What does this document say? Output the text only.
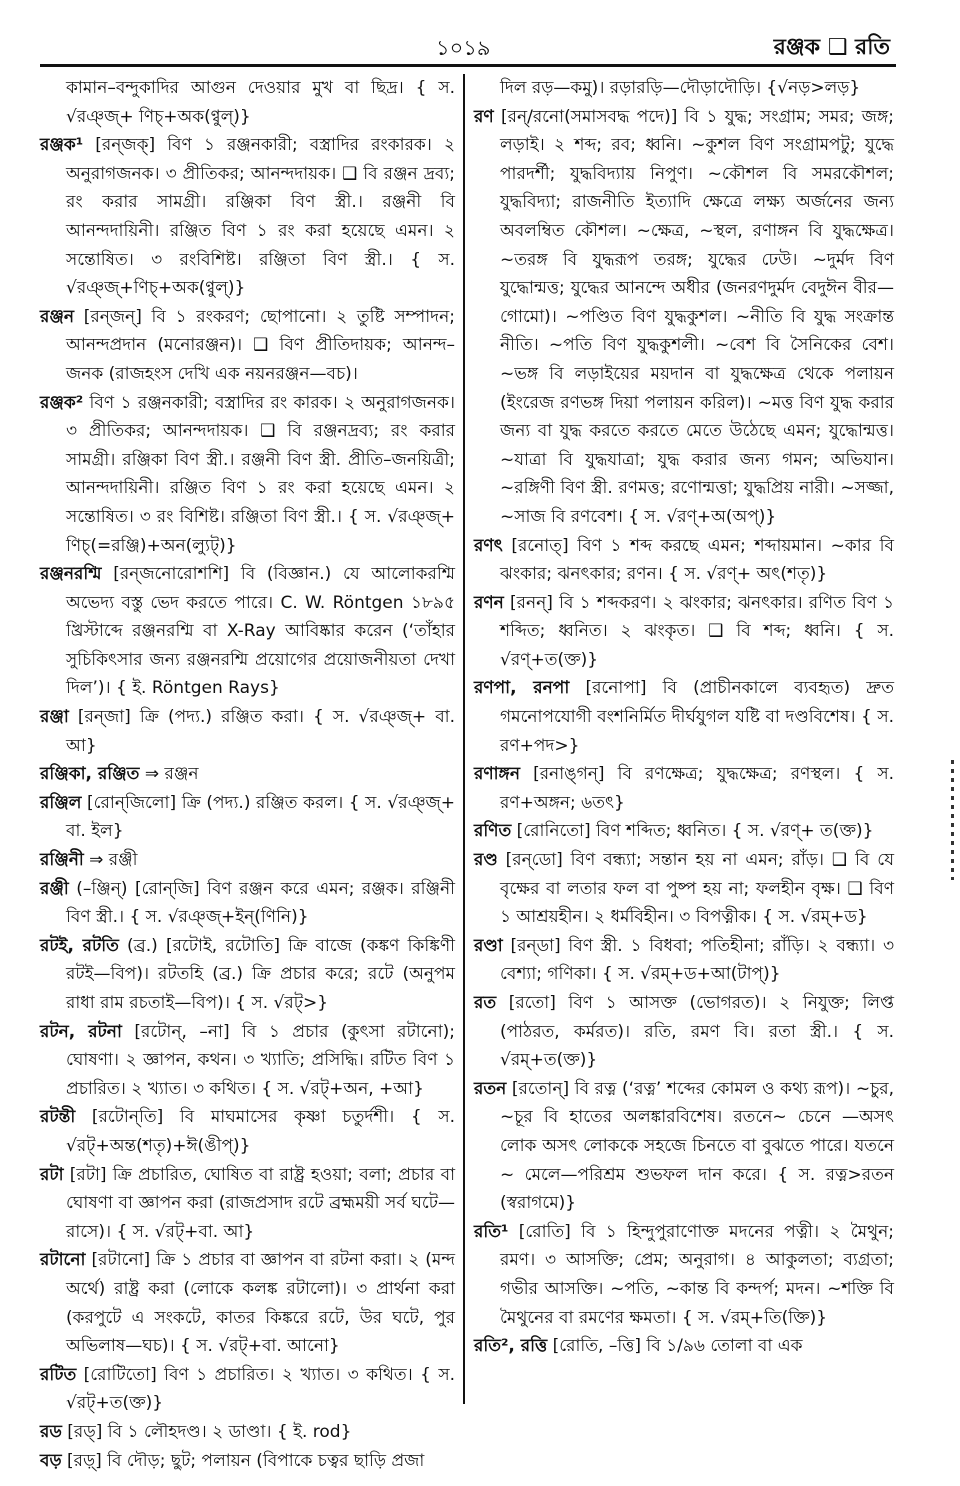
১০১৯	রঞ্জক ❑ রতি

কামান–বন্দুকাদির আগুন দেওয়ার মুখ বা ছিদ্র। { স. √রঞ্জ্‌+ ণিচ্‌+অক(ণ্বুল্‌)}

রঞ্জক¹ [রন্‌জক্‌] বিণ ১ রঞ্জনকারী; বস্ত্রাদির রংকারক। ২ অনুরাগজনক। ৩ প্রীতিকর; আনন্দদায়ক। ❑ বি রঞ্জন দ্রব্য; রং করার সামগ্রী। রঞ্জিকা বিণ স্ত্রী.। রঞ্জনী বি আনন্দদায়িনী। রঞ্জিত বিণ ১ রং করা হয়েছে এমন। ২ সন্তোষিত। ৩ রংবিশিষ্ট। রঞ্জিতা বিণ স্ত্রী.। { স. √রঞ্জ্‌+ণিচ্‌+অক(ণ্বুল্‌)}

রঞ্জন [রন্‌জন্‌] বি ১ রংকরণ; ছোপানো। ২ তুষ্টি সম্পাদন; আনন্দপ্রদান (মনোরঞ্জন)। ❑ বিণ প্রীতিদায়ক; আনন্দ–জনক (রাজহংস দেখি এক নয়নরঞ্জন—বচ)।

রঞ্জক² বিণ ১ রঞ্জনকারী; বস্ত্রাদির রং কারক। ২ অনুরাগজনক। ৩ প্রীতিকর; আনন্দদায়ক। ❑ বি রঞ্জনদ্রব্য; রং করার সামগ্রী। রঞ্জিকা বিণ স্ত্রী.। রঞ্জনী বিণ স্ত্রী. প্রীতি–জনয়িত্রী; আনন্দদায়িনী। রঞ্জিত বিণ ১ রং করা হয়েছে এমন। ২ সন্তোষিত। ৩ রং বিশিষ্ট। রঞ্জিতা বিণ স্ত্রী.। { স. √রঞ্জ্‌+ ণিচ্‌(=রঞ্জি)+অন(ল্যুট্‌)}

রঞ্জনরশ্মি [রন্‌জনোরোশশি] বি (বিজ্ঞান.) যে আলোকরশ্মি অভেদ্য বস্তু ভেদ করতে পারে। C. W. Röntgen ১৮৯৫ খ্রিস্টাব্দে রঞ্জনরশ্মি বা X-Ray আবিষ্কার করেন (‘তাঁহার সুচিকিৎসার জন্য রঞ্জনরশ্মি প্রয়োগের প্রয়োজনীয়তা দেখা দিল’)। { ই. Röntgen Rays}

রঞ্জা [রন্‌জা] ক্রি (পদ্য.) রঞ্জিত করা। { স. √রঞ্জ্‌+ বা. আ}

রঞ্জিকা, রঞ্জিত ⇒ রঞ্জন

রঞ্জিল [রোন্‌জিলো] ক্রি (পদ্য.) রঞ্জিত করল। { স. √রঞ্জ্‌+ বা. ইল}

রঞ্জিনী ⇒ রঞ্জী

রঞ্জী (–ঞ্জিন্‌) [রোন্‌জি] বিণ রঞ্জন করে এমন; রঞ্জক। রঞ্জিনী বিণ স্ত্রী.। { স. √রঞ্জ্‌+ইন্‌(ণিনি)}

রটই, রটতি (ব্র.) [রটোই, রটোতি] ক্রি বাজে (কঙ্কণ কিঙ্কিণী রটই—বিপ)। রটতহি (ব্র.) ক্রি প্রচার করে; রটে (অনুপম রাধা রাম রচতাই—বিপ)। { স. √রট্‌>}

রটন, রটনা [রটোন্‌, –না] বি ১ প্রচার (কুৎসা রটানো); ঘোষণা। ২ জ্ঞাপন, কথন। ৩ খ্যাতি; প্রসিদ্ধি। রটিত বিণ ১ প্রচারিত। ২ খ্যাত। ৩ কথিত। { স. √রট্‌+অন, +আ}

রটন্তী [রটোন্‌তি] বি মাঘমাসের কৃষ্ণা চতুর্দশী। { স. √রট্‌+অন্ত(শতৃ)+ঈ(ঙীপ্‌)}

রটা [রটা] ক্রি প্রচারিত, ঘোষিত বা রাষ্ট্র হওয়া; বলা; প্রচার বা ঘোষণা বা জ্ঞাপন করা (রাজপ্রসাদ রটে ব্রহ্মময়ী সর্ব ঘটে—রাসে)। { স. √রট্‌+বা. আ}

রটানো [রটানো] ক্রি ১ প্রচার বা জ্ঞাপন বা রটনা করা। ২ (মন্দ অর্থে) রাষ্ট্র করা (লোকে কলঙ্ক রটালো)। ৩ প্রার্থনা করা (করপুটে এ সংকটে, কাতর কিঙ্করে রটে, উর ঘটে, পুর অভিলাষ—ঘচ)। { স. √রট্‌+বা. আনো}

রটিত [রোটিতো] বিণ ১ প্রচারিত। ২ খ্যাত। ৩ কথিত। { স. √রট্‌+ত(ক্ত)}

রড [রড্‌] বি ১ লৌহদণ্ড। ২ ডাণ্ডা। { ই. rod}

বড় [রড়্‌] বি দৌড়; ছুট; পলায়ন (বিপাকে চত্বর ছাড়ি প্রজা

দিল রড়—কমু)। রড়ারড়ি—দৌড়াদৌড়ি। {√নড়>লড়}

রণ [রন্‌/রনো(সমাসবদ্ধ পদে)] বি ১ যুদ্ধ; সংগ্রাম; সমর; জঙ্গ; লড়াই। ২ শব্দ; রব; ধ্বনি। ~কুশল বিণ সংগ্রামপটু; যুদ্ধে পারদর্শী; যুদ্ধবিদ্যায় নিপুণ। ~কৌশল বি সমরকৌশল; যুদ্ধবিদ্যা; রাজনীতি ইত্যাদি ক্ষেত্রে লক্ষ্য অর্জনের জন্য অবলম্বিত কৌশল। ~ক্ষেত্র, ~স্থল, রণাঙ্গন বি যুদ্ধক্ষেত্র। ~তরঙ্গ বি যুদ্ধরূপ তরঙ্গ; যুদ্ধের ঢেউ। ~দুর্মদ বিণ যুদ্ধোন্মত্ত; যুদ্ধের আনন্দে অধীর (জনরণদুর্মদ বেদুঈন বীর—গোমো)। ~পণ্ডিত বিণ যুদ্ধকুশল। ~নীতি বি যুদ্ধ সংক্রান্ত নীতি। ~পতি বিণ যুদ্ধকুশলী। ~বেশ বি সৈনিকের বেশ। ~ভঙ্গ বি লড়াইয়ের ময়দান বা যুদ্ধক্ষেত্র থেকে পলায়ন (ইংরেজ রণভঙ্গ দিয়া পলায়ন করিল)। ~মত্ত বিণ যুদ্ধ করার জন্য বা যুদ্ধ করতে করতে মেতে উঠেছে এমন; যুদ্ধোন্মত্ত। ~যাত্রা বি যুদ্ধযাত্রা; যুদ্ধ করার জন্য গমন; অভিযান। ~রঙ্গিণী বিণ স্ত্রী. রণমত্ত; রণোন্মত্তা; যুদ্ধপ্রিয় নারী। ~সজ্জা, ~সাজ বি রণবেশ। { স. √রণ্‌+অ(অপ্‌)}

রণৎ [রনোত্‌] বিণ ১ শব্দ করছে এমন; শব্দায়মান। ~কার বি ঝংকার; ঝনৎকার; রণন। { স. √রণ্‌+ অৎ(শতৃ)}

রণন [রনন্‌] বি ১ শব্দকরণ। ২ ঝংকার; ঝনৎকার। রণিত বিণ ১ শব্দিত; ধ্বনিত। ২ ঝংকৃত। ❑ বি শব্দ; ধ্বনি। { স. √রণ্‌+ত(ক্ত)}

রণপা, রনপা [রনোপা] বি (প্রাচীনকালে ব্যবহৃত) দ্রুত গমনোপযোগী বংশনির্মিত দীর্ঘযুগল যষ্টি বা দণ্ডবিশেষ। { স. রণ+পদ>}

রণাঙ্গন [রনাঙ্‌গন্‌] বি রণক্ষেত্র; যুদ্ধক্ষেত্র; রণস্থল। { স. রণ+অঙ্গন; ৬তৎ}

রণিত [রোনিতো] বিণ শব্দিত; ধ্বনিত। { স. √রণ্‌+ ত(ক্ত)}

রণ্ড [রন্‌ডো] বিণ বন্ধ্যা; সন্তান হয় না এমন; রাঁড়। ❑ বি যে বৃক্ষের বা লতার ফল বা পুষ্প হয় না; ফলহীন বৃক্ষ। ❑ বিণ ১ আশ্রয়হীন। ২ ধর্মবিহীন। ৩ বিপত্নীক। { স. √রম্‌+ড}

রণ্ডা [রন্‌ডা] বিণ স্ত্রী. ১ বিধবা; পতিহীনা; রাঁড়ি। ২ বন্ধ্যা। ৩ বেশ্যা; গণিকা। { স. √রম্‌+ড+আ(টাপ্‌)}

রত [রতো] বিণ ১ আসক্ত (ভোগরত)। ২ নিযুক্ত; লিপ্ত (পাঠরত, কর্মরত)। রতি, রমণ বি। রতা স্ত্রী.। { স. √রম্‌+ত(ক্ত)}

রতন [রতোন্‌] বি রত্ন (‘রত্ন’ শব্দের কোমল ও কথ্য রূপ)। ~চুর, ~চূর বি হাতের অলঙ্কারবিশেষ। রতনে~ চেনে —অসৎ লোক অসৎ লোককে সহজে চিনতে বা বুঝতে পারে। যতনে ~ মেলে—পরিশ্রম শুভফল দান করে। { স. রত্ন>রতন (স্বরাগমে)}

রতি¹ [রোতি] বি ১ হিন্দুপুরাণোক্ত মদনের পত্নী। ২ মৈথুন; রমণ। ৩ আসক্তি; প্রেম; অনুরাগ। ৪ আকুলতা; ব্যগ্রতা; গভীর আসক্তি। ~পতি, ~কান্ত বি কন্দর্প; মদন। ~শক্তি বি মৈথুনের বা রমণের ক্ষমতা। { স. √রম্‌+তি(ক্তি)}

রতি², রত্তি [রোতি, –ত্তি] বি ১/৯৬ তোলা বা এক
